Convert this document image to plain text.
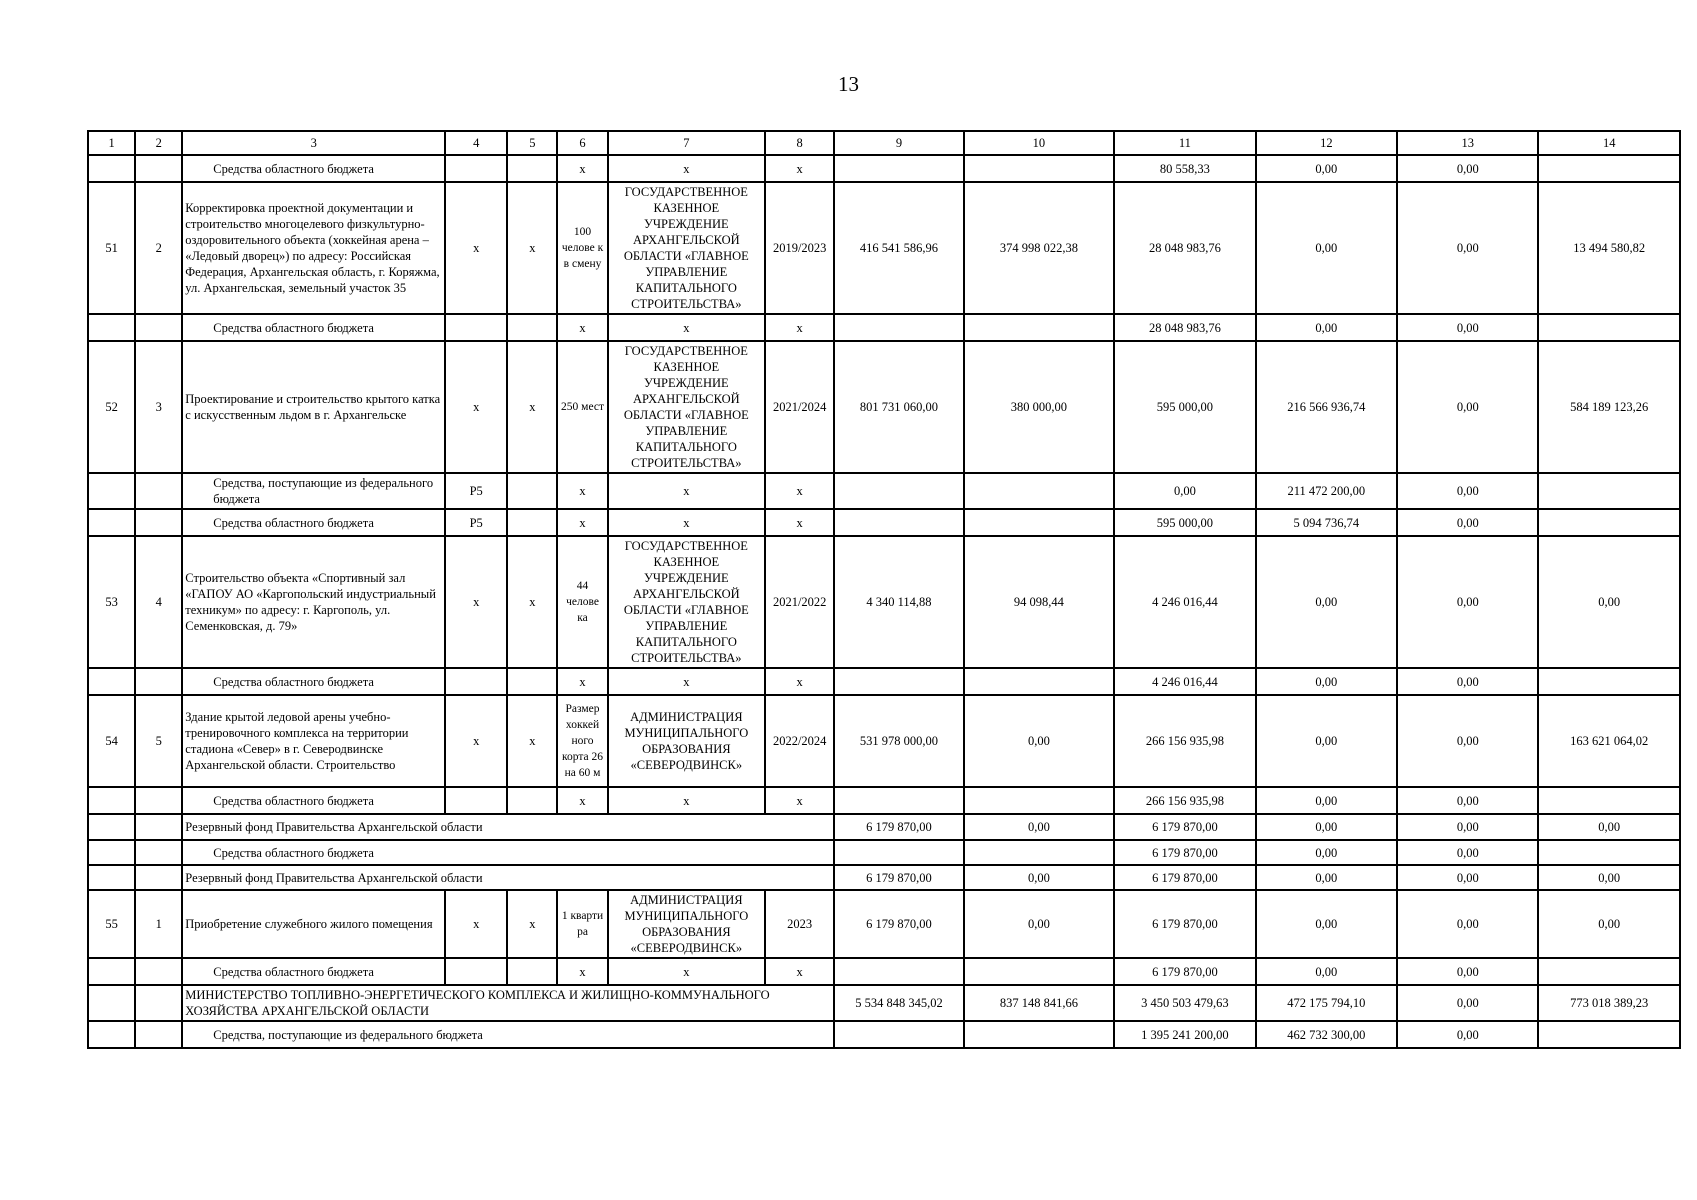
13
1	2	3	4	5	6	7	8	9	10	11	12	13	14
		Средства областного бюджета			х	х	х			80 558,33	0,00	0,00	
51	2	Корректировка проектной документации и строительство многоцелевого физкультурно-оздоровительного объекта (хоккейная арена – «Ледовый дворец») по адресу: Российская Федерация, Архангельская область, г. Коряжма, ул. Архангельская, земельный участок 35	х	х	100 челове к в смену	ГОСУДАРСТВЕННОЕ КАЗЕННОЕ УЧРЕЖДЕНИЕ АРХАНГЕЛЬСКОЙ ОБЛАСТИ «ГЛАВНОЕ УПРАВЛЕНИЕ КАПИТАЛЬНОГО СТРОИТЕЛЬСТВА»	2019/2023	416 541 586,96	374 998 022,38	28 048 983,76	0,00	0,00	13 494 580,82
		Средства областного бюджета			х	х	х			28 048 983,76	0,00	0,00	
52	3	Проектирование и строительство крытого катка с искусственным льдом в г. Архангельске	х	х	250 мест	ГОСУДАРСТВЕННОЕ КАЗЕННОЕ УЧРЕЖДЕНИЕ АРХАНГЕЛЬСКОЙ ОБЛАСТИ «ГЛАВНОЕ УПРАВЛЕНИЕ КАПИТАЛЬНОГО СТРОИТЕЛЬСТВА»	2021/2024	801 731 060,00	380 000,00	595 000,00	216 566 936,74	0,00	584 189 123,26
		Средства, поступающие из федерального бюджета	P5		х	х	х			0,00	211 472 200,00	0,00	
		Средства областного бюджета	P5		х	х	х			595 000,00	5 094 736,74	0,00	
53	4	Строительство объекта «Спортивный зал «ГАПОУ АО «Каргопольский индустриальный техникум» по адресу: г. Каргополь, ул. Семенковская, д. 79»	х	х	44 челове ка	ГОСУДАРСТВЕННОЕ КАЗЕННОЕ УЧРЕЖДЕНИЕ АРХАНГЕЛЬСКОЙ ОБЛАСТИ «ГЛАВНОЕ УПРАВЛЕНИЕ КАПИТАЛЬНОГО СТРОИТЕЛЬСТВА»	2021/2022	4 340 114,88	94 098,44	4 246 016,44	0,00	0,00	0,00
		Средства областного бюджета			х	х	х			4 246 016,44	0,00	0,00	
54	5	Здание крытой ледовой арены учебно-тренировочного комплекса на территории стадиона «Север» в г. Северодвинске Архангельской области. Строительство	х	х	Размер хоккей ного корта 26 на 60 м	АДМИНИСТРАЦИЯ МУНИЦИПАЛЬНОГО ОБРАЗОВАНИЯ «СЕВЕРОДВИНСК»	2022/2024	531 978 000,00	0,00	266 156 935,98	0,00	0,00	163 621 064,02
		Средства областного бюджета			х	х	х			266 156 935,98	0,00	0,00	
		Резервный фонд Правительства Архангельской области						6 179 870,00	0,00	6 179 870,00	0,00	0,00	0,00
		Средства областного бюджета								6 179 870,00	0,00	0,00	
		Резервный фонд Правительства Архангельской области						6 179 870,00	0,00	6 179 870,00	0,00	0,00	0,00
55	1	Приобретение служебного жилого помещения	х	х	1 кварти ра	АДМИНИСТРАЦИЯ МУНИЦИПАЛЬНОГО ОБРАЗОВАНИЯ «СЕВЕРОДВИНСК»	2023	6 179 870,00	0,00	6 179 870,00	0,00	0,00	0,00
		Средства областного бюджета			х	х	х			6 179 870,00	0,00	0,00	
		МИНИСТЕРСТВО ТОПЛИВНО-ЭНЕРГЕТИЧЕСКОГО КОМПЛЕКСА И ЖИЛИЩНО-КОММУНАЛЬНОГО ХОЗЯЙСТВА АРХАНГЕЛЬСКОЙ ОБЛАСТИ						5 534 848 345,02	837 148 841,66	3 450 503 479,63	472 175 794,10	0,00	773 018 389,23
		Средства, поступающие из федерального бюджета								1 395 241 200,00	462 732 300,00	0,00	
